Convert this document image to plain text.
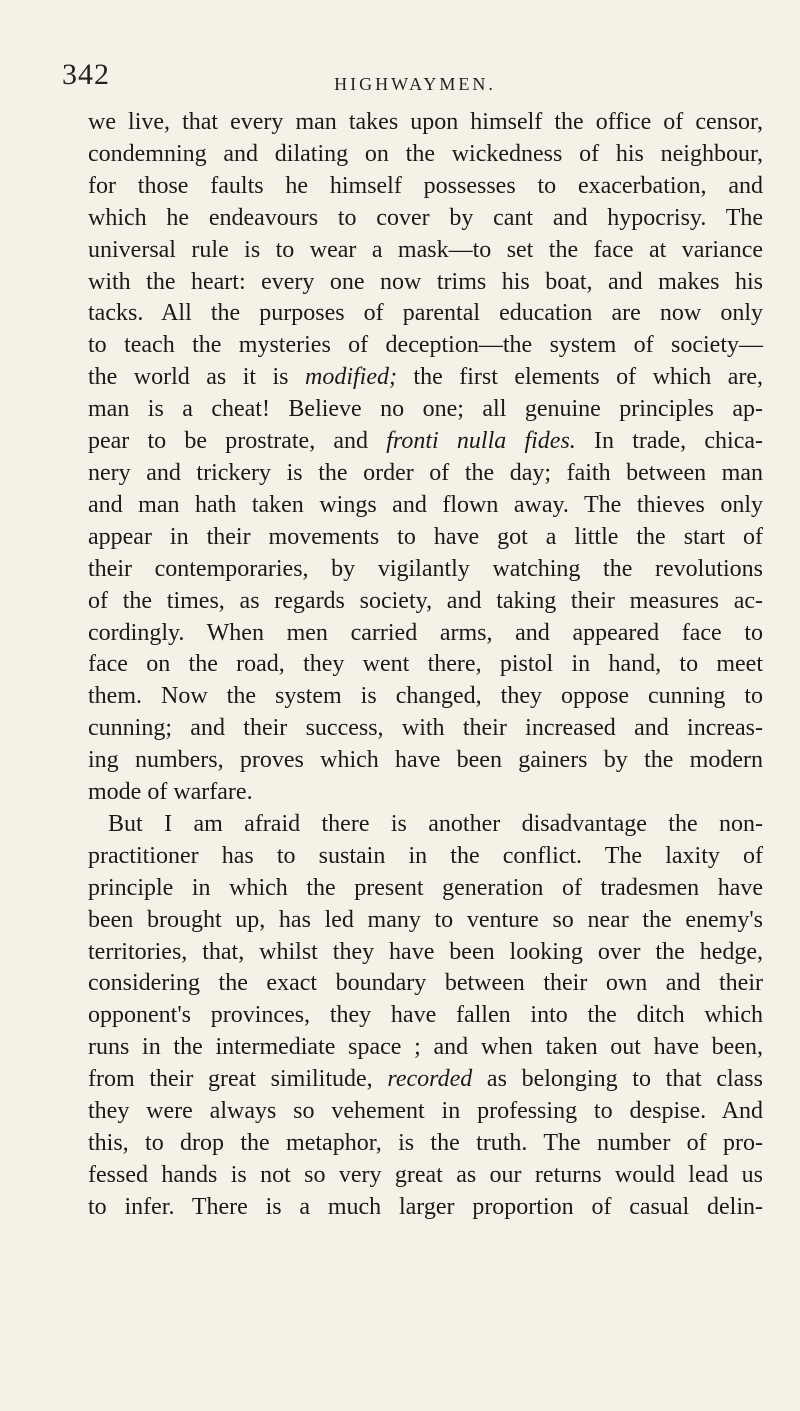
342	HIGHWAYMEN.
we live, that every man takes upon himself the office of censor,
condemning and dilating on the wickedness of his neighbour,
for those faults he himself possesses to exacerbation, and
which he endeavours to cover by cant and hypocrisy. The
universal rule is to wear a mask—to set the face at variance
with the heart: every one now trims his boat, and makes his
tacks. All the purposes of parental education are now only
to teach the mysteries of deception—the system of society—
the world as it is modified; the first elements of which are,
man is a cheat! Believe no one; all genuine principles ap-
pear to be prostrate, and fronti nulla fides. In trade, chica-
nery and trickery is the order of the day; faith between man
and man hath taken wings and flown away. The thieves only
appear in their movements to have got a little the start of
their contemporaries, by vigilantly watching the revolutions
of the times, as regards society, and taking their measures ac-
cordingly. When men carried arms, and appeared face to
face on the road, they went there, pistol in hand, to meet
them. Now the system is changed, they oppose cunning to
cunning; and their success, with their increased and increas-
ing numbers, proves which have been gainers by the modern
mode of warfare.
But I am afraid there is another disadvantage the non-
practitioner has to sustain in the conflict. The laxity of
principle in which the present generation of tradesmen have
been brought up, has led many to venture so near the enemy's
territories, that, whilst they have been looking over the hedge,
considering the exact boundary between their own and their
opponent's provinces, they have fallen into the ditch which
runs in the intermediate space ; and when taken out have been,
from their great similitude, recorded as belonging to that class
they were always so vehement in professing to despise. And
this, to drop the metaphor, is the truth. The number of pro-
fessed hands is not so very great as our returns would lead us
to infer. There is a much larger proportion of casual delin-
